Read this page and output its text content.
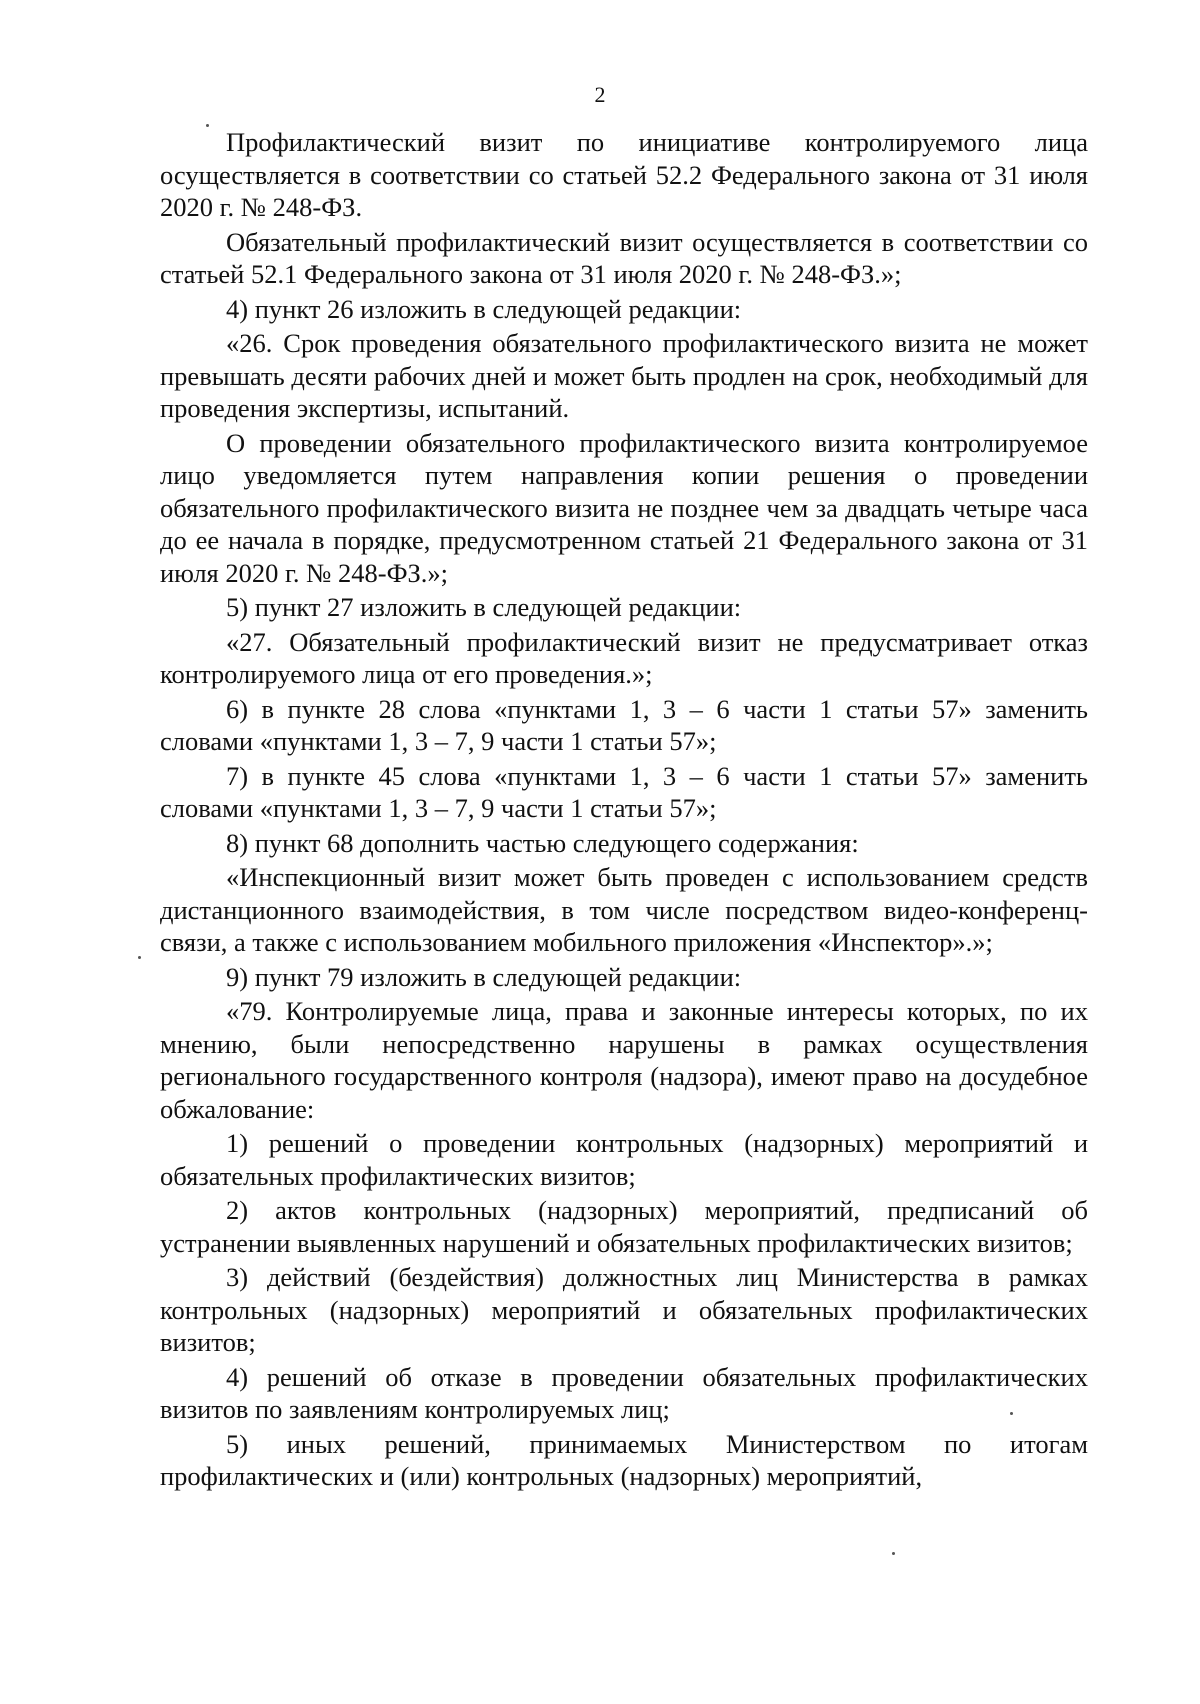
2

Профилактический визит по инициативе контролируемого лица осуществляется в соответствии со статьей 52.2 Федерального закона от 31 июля 2020 г. № 248-ФЗ.

Обязательный профилактический визит осуществляется в соответствии со статьей 52.1 Федерального закона от 31 июля 2020 г. № 248-ФЗ.»;

4) пункт 26 изложить в следующей редакции:

«26. Срок проведения обязательного профилактического визита не может превышать десяти рабочих дней и может быть продлен на срок, необходимый для проведения экспертизы, испытаний.

О проведении обязательного профилактического визита контролируемое лицо уведомляется путем направления копии решения о проведении обязательного профилактического визита не позднее чем за двадцать четыре часа до ее начала в порядке, предусмотренном статьей 21 Федерального закона от 31 июля 2020 г. № 248-ФЗ.»;

5) пункт 27 изложить в следующей редакции:

«27. Обязательный профилактический визит не предусматривает отказ контролируемого лица от его проведения.»;

6) в пункте 28 слова «пунктами 1, 3 – 6 части 1 статьи 57» заменить словами «пунктами 1, 3 – 7, 9 части 1 статьи 57»;

7) в пункте 45 слова «пунктами 1, 3 – 6 части 1 статьи 57» заменить словами «пунктами 1, 3 – 7, 9 части 1 статьи 57»;

8) пункт 68 дополнить частью следующего содержания:

«Инспекционный визит может быть проведен с использованием средств дистанционного взаимодействия, в том числе посредством видео-конференц-связи, а также с использованием мобильного приложения «Инспектор».»;

9) пункт 79 изложить в следующей редакции:

«79. Контролируемые лица, права и законные интересы которых, по их мнению, были непосредственно нарушены в рамках осуществления регионального государственного контроля (надзора), имеют право на досудебное обжалование:

1) решений о проведении контрольных (надзорных) мероприятий и обязательных профилактических визитов;

2) актов контрольных (надзорных) мероприятий, предписаний об устранении выявленных нарушений и обязательных профилактических визитов;

3) действий (бездействия) должностных лиц Министерства в рамках контрольных (надзорных) мероприятий и обязательных профилактических визитов;

4) решений об отказе в проведении обязательных профилактических визитов по заявлениям контролируемых лиц;

5) иных решений, принимаемых Министерством по итогам профилактических и (или) контрольных (надзорных) мероприятий,
